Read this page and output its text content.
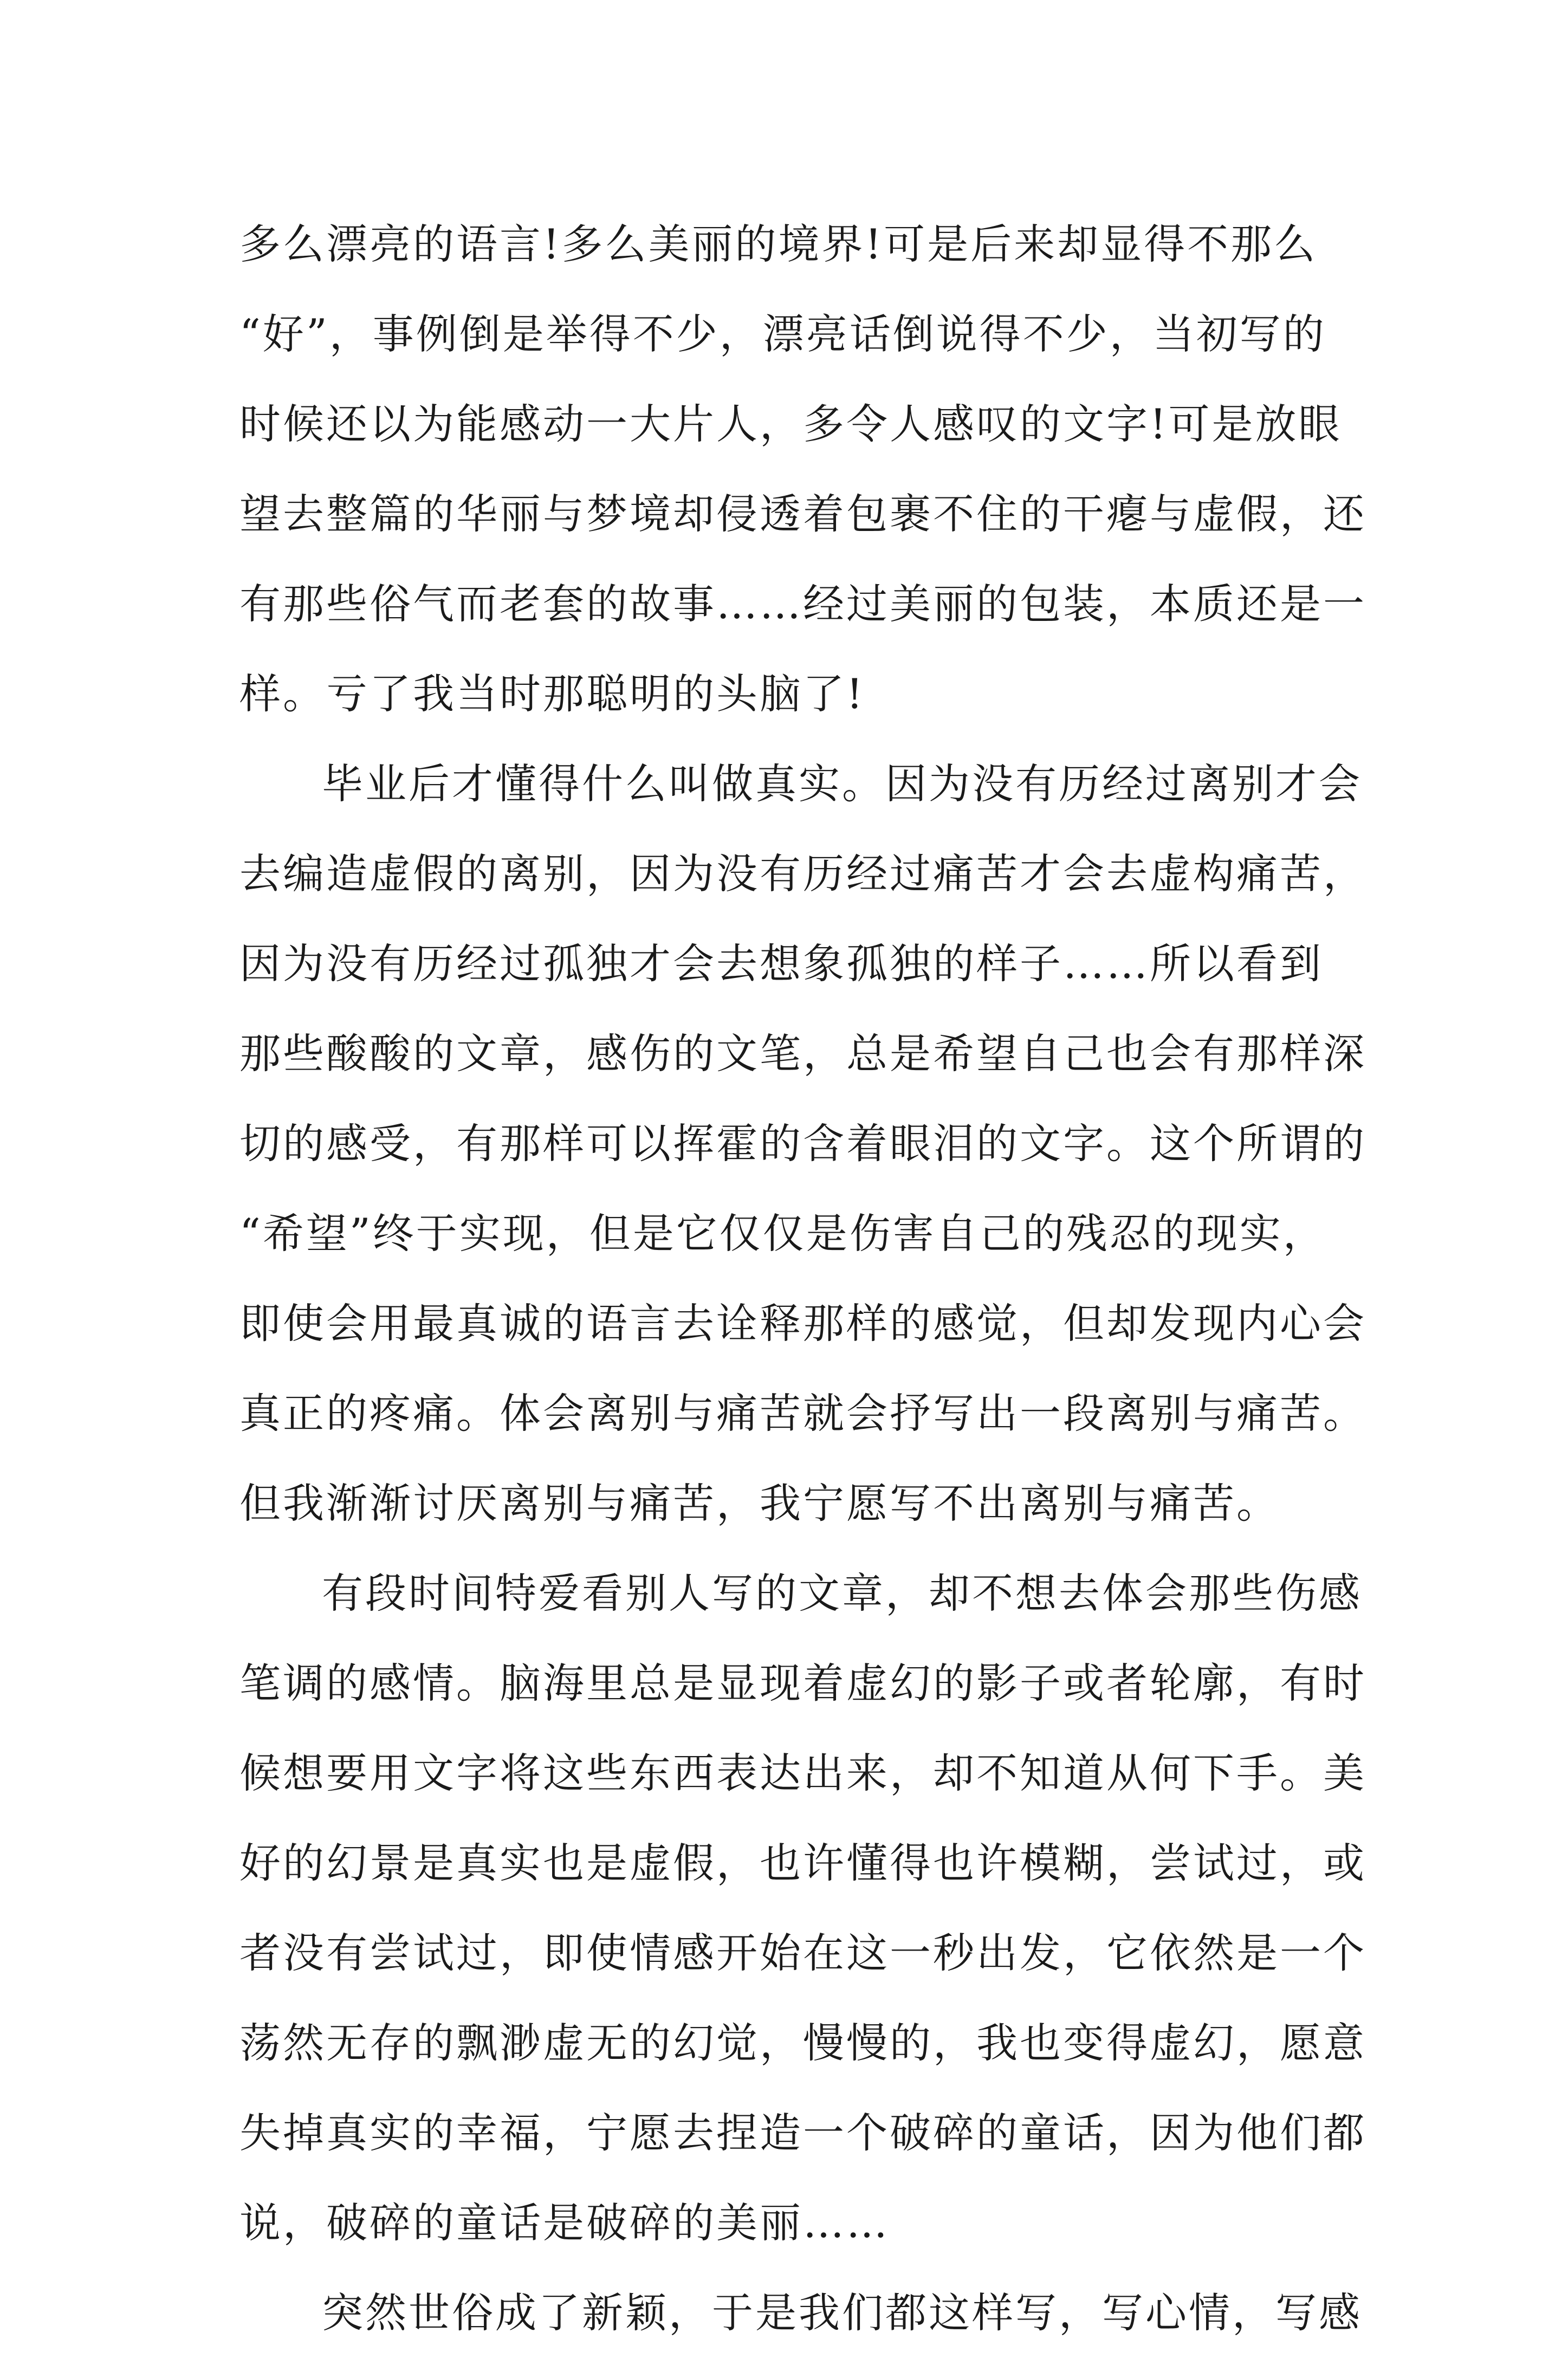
多么漂亮的语言!多么美丽的境界!可是后来却显得不那么
“好”，事例倒是举得不少，漂亮话倒说得不少，当初写的
时候还以为能感动一大片人，多令人感叹的文字!可是放眼
望去整篇的华丽与梦境却侵透着包裹不住的干瘪与虚假，还
有那些俗气而老套的故事……经过美丽的包装，本质还是一
样。亏了我当时那聪明的头脑了!
毕业后才懂得什么叫做真实。因为没有历经过离别才会
去编造虚假的离别，因为没有历经过痛苦才会去虚构痛苦，
因为没有历经过孤独才会去想象孤独的样子……所以看到
那些酸酸的文章，感伤的文笔，总是希望自己也会有那样深
切的感受，有那样可以挥霍的含着眼泪的文字。这个所谓的
“希望”终于实现，但是它仅仅是伤害自己的残忍的现实，
即使会用最真诚的语言去诠释那样的感觉，但却发现内心会
真正的疼痛。体会离别与痛苦就会抒写出一段离别与痛苦。
但我渐渐讨厌离别与痛苦，我宁愿写不出离别与痛苦。
有段时间特爱看别人写的文章，却不想去体会那些伤感
笔调的感情。脑海里总是显现着虚幻的影子或者轮廓，有时
候想要用文字将这些东西表达出来，却不知道从何下手。美
好的幻景是真实也是虚假，也许懂得也许模糊，尝试过，或
者没有尝试过，即使情感开始在这一秒出发，它依然是一个
荡然无存的飘渺虚无的幻觉，慢慢的，我也变得虚幻，愿意
失掉真实的幸福，宁愿去捏造一个破碎的童话，因为他们都
说，破碎的童话是破碎的美丽……
突然世俗成了新颖，于是我们都这样写，写心情，写感
